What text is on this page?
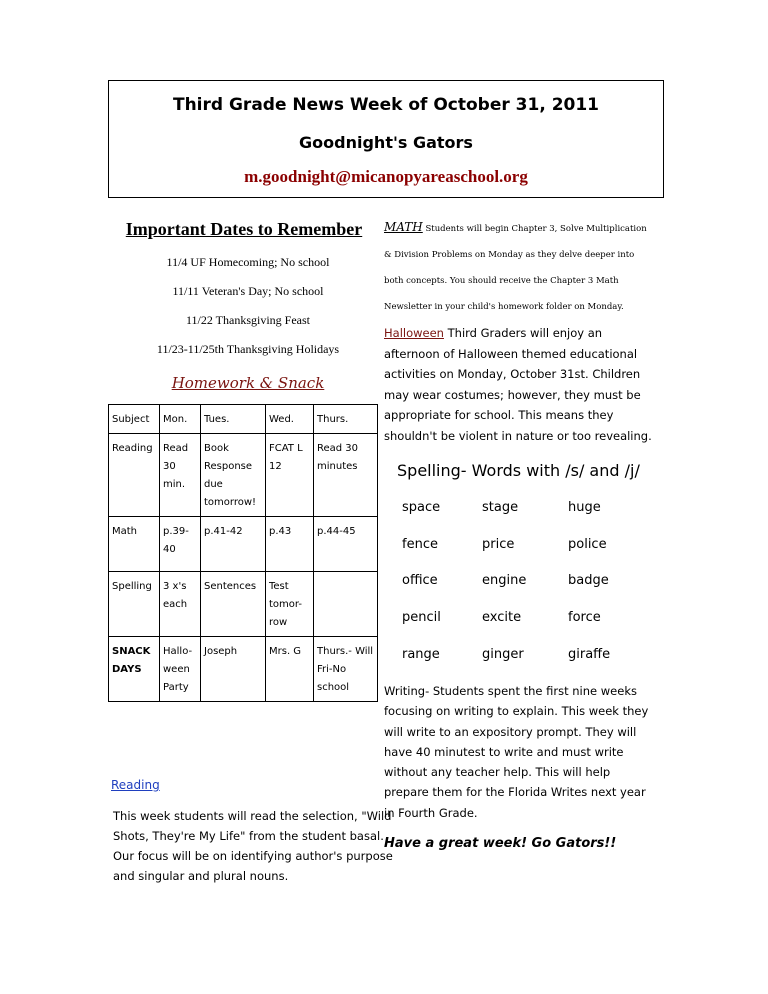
Third Grade News Week of October 31, 2011
Goodnight's Gators
m.goodnight@micanopyareaschool.org
Important Dates to Remember
11/4 UF Homecoming; No school
11/11 Veteran's Day; No school
11/22 Thanksgiving Feast
11/23-11/25th Thanksgiving Holidays
Homework & Snack
Subject	Mon.	Tues.	Wed.	Thurs.
Reading	Read 30 min.	Book Response due tomorrow!	FCAT L 12	Read 30 minutes
Math	p.39-40	p.41-42	p.43	p.44-45
Spelling	3 x's each	Sentences	Test tomor-row	
SNACK DAYS	Hallo-ween Party	Joseph	Mrs. G	Thurs.- Will Fri-No school
Reading
This week students will read the selection, "Wild Shots, They're My Life" from the student basal. Our focus will be on identifying author's purpose and singular and plural nouns.
MATH Students will begin Chapter 3, Solve Multiplication & Division Problems on Monday as they delve deeper into both concepts. You should receive the Chapter 3 Math Newsletter in your child's homework folder on Monday.
Halloween Third Graders will enjoy an afternoon of Halloween themed educational activities on Monday, October 31st. Children may wear costumes; however, they must be appropriate for school. This means they shouldn't be violent in nature or too revealing.
Spelling- Words with /s/ and /j/
space	stage	huge
fence	price	police
office	engine	badge
pencil	excite	force
range	ginger	giraffe
Writing- Students spent the first nine weeks focusing on writing to explain. This week they will write to an expository prompt. They will have 40 minutest to write and must write without any teacher help. This will help prepare them for the Florida Writes next year in Fourth Grade.
Have a great week! Go Gators!!
